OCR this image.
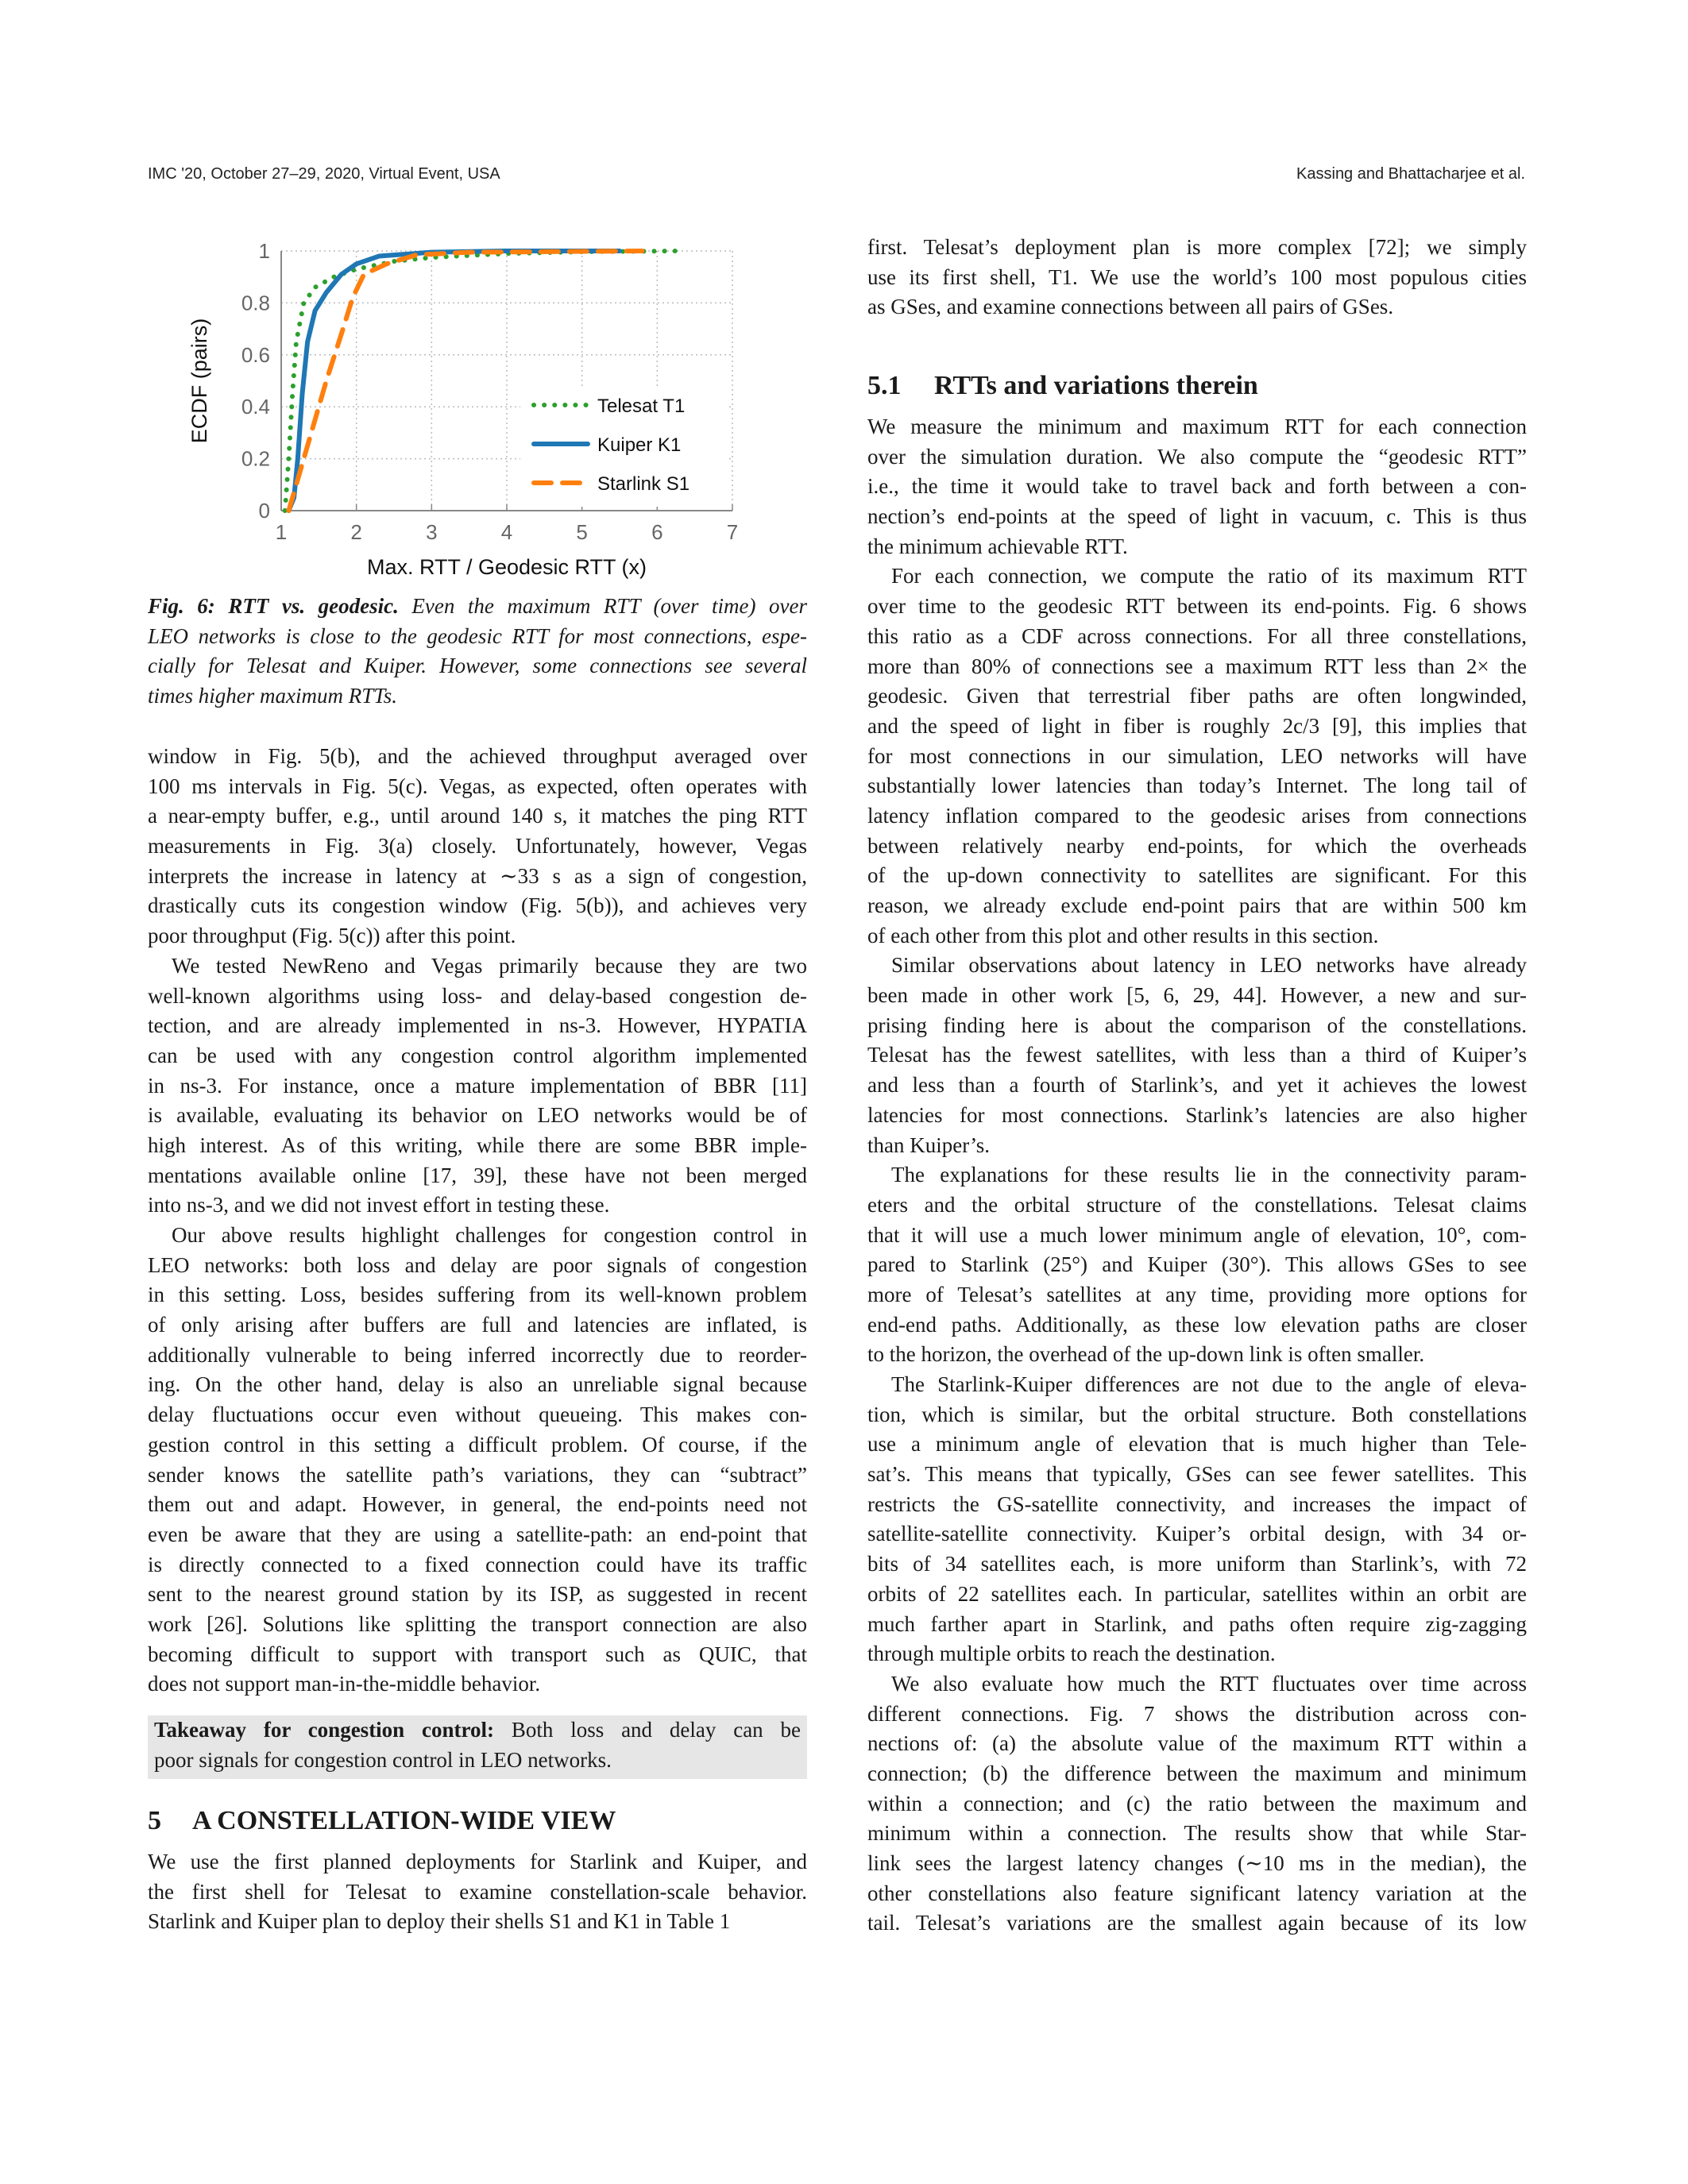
IMC '20, October 27–29, 2020, Virtual Event, USA	Kassing and Bhattacharjee et al.
1	2	3	4	5	6	7
0
0.2
0.4
0.6
0.8
1
Max. RTT / Geodesic RTT (x)
ECDF (pairs)	Telesat T1
Kuiper K1
Starlink S1
Fig. 6: RTT vs. geodesic. Even the maximum RTT (over time) over
LEO networks is close to the geodesic RTT for most connections, espe-
cially for Telesat and Kuiper. However, some connections see several
times higher maximum RTTs.
window in Fig. 5(b), and the achieved throughput averaged over
100 ms intervals in Fig. 5(c). Vegas, as expected, often operates with
a near-empty buffer, e.g., until around 140 s, it matches the ping RTT
measurements in Fig. 3(a) closely. Unfortunately, however, Vegas
interprets the increase in latency at ∼33 s as a sign of congestion,
drastically cuts its congestion window (Fig. 5(b)), and achieves very
poor throughput (Fig. 5(c)) after this point.
We tested NewReno and Vegas primarily because they are two
well-known algorithms using loss- and delay-based congestion de-
tection, and are already implemented in ns-3. However, HYPATIA
can be used with any congestion control algorithm implemented
in ns-3. For instance, once a mature implementation of BBR [11]
is available, evaluating its behavior on LEO networks would be of
high interest. As of this writing, while there are some BBR imple-
mentations available online [17, 39], these have not been merged
into ns-3, and we did not invest effort in testing these.
Our above results highlight challenges for congestion control in
LEO networks: both loss and delay are poor signals of congestion
in this setting. Loss, besides suffering from its well-known problem
of only arising after buffers are full and latencies are inflated, is
additionally vulnerable to being inferred incorrectly due to reorder-
ing. On the other hand, delay is also an unreliable signal because
delay fluctuations occur even without queueing. This makes con-
gestion control in this setting a difficult problem. Of course, if the
sender knows the satellite path’s variations, they can “subtract”
them out and adapt. However, in general, the end-points need not
even be aware that they are using a satellite-path: an end-point that
is directly connected to a fixed connection could have its traffic
sent to the nearest ground station by its ISP, as suggested in recent
work [26]. Solutions like splitting the transport connection are also
becoming difficult to support with transport such as QUIC, that
does not support man-in-the-middle behavior.
Takeaway for congestion control: Both loss and delay can be
poor signals for congestion control in LEO networks.
5 A CONSTELLATION-WIDE VIEW
We use the first planned deployments for Starlink and Kuiper, and
the first shell for Telesat to examine constellation-scale behavior.
Starlink and Kuiper plan to deploy their shells S1 and K1 in Table 1
first. Telesat’s deployment plan is more complex [72]; we simply
use its first shell, T1. We use the world’s 100 most populous cities
as GSes, and examine connections between all pairs of GSes.
5.1 RTTs and variations therein
We measure the minimum and maximum RTT for each connection
over the simulation duration. We also compute the “geodesic RTT”
i.e., the time it would take to travel back and forth between a con-
nection’s end-points at the speed of light in vacuum, c. This is thus
the minimum achievable RTT.
For each connection, we compute the ratio of its maximum RTT
over time to the geodesic RTT between its end-points. Fig. 6 shows
this ratio as a CDF across connections. For all three constellations,
more than 80% of connections see a maximum RTT less than 2× the
geodesic. Given that terrestrial fiber paths are often longwinded,
and the speed of light in fiber is roughly 2c/3 [9], this implies that
for most connections in our simulation, LEO networks will have
substantially lower latencies than today’s Internet. The long tail of
latency inflation compared to the geodesic arises from connections
between relatively nearby end-points, for which the overheads
of the up-down connectivity to satellites are significant. For this
reason, we already exclude end-point pairs that are within 500 km
of each other from this plot and other results in this section.
Similar observations about latency in LEO networks have already
been made in other work [5, 6, 29, 44]. However, a new and sur-
prising finding here is about the comparison of the constellations.
Telesat has the fewest satellites, with less than a third of Kuiper’s
and less than a fourth of Starlink’s, and yet it achieves the lowest
latencies for most connections. Starlink’s latencies are also higher
than Kuiper’s.
The explanations for these results lie in the connectivity param-
eters and the orbital structure of the constellations. Telesat claims
that it will use a much lower minimum angle of elevation, 10°, com-
pared to Starlink (25°) and Kuiper (30°). This allows GSes to see
more of Telesat’s satellites at any time, providing more options for
end-end paths. Additionally, as these low elevation paths are closer
to the horizon, the overhead of the up-down link is often smaller.
The Starlink-Kuiper differences are not due to the angle of eleva-
tion, which is similar, but the orbital structure. Both constellations
use a minimum angle of elevation that is much higher than Tele-
sat’s. This means that typically, GSes can see fewer satellites. This
restricts the GS-satellite connectivity, and increases the impact of
satellite-satellite connectivity. Kuiper’s orbital design, with 34 or-
bits of 34 satellites each, is more uniform than Starlink’s, with 72
orbits of 22 satellites each. In particular, satellites within an orbit are
much farther apart in Starlink, and paths often require zig-zagging
through multiple orbits to reach the destination.
We also evaluate how much the RTT fluctuates over time across
different connections. Fig. 7 shows the distribution across con-
nections of: (a) the absolute value of the maximum RTT within a
connection; (b) the difference between the maximum and minimum
within a connection; and (c) the ratio between the maximum and
minimum within a connection. The results show that while Star-
link sees the largest latency changes (∼10 ms in the median), the
other constellations also feature significant latency variation at the
tail. Telesat’s variations are the smallest again because of its low
